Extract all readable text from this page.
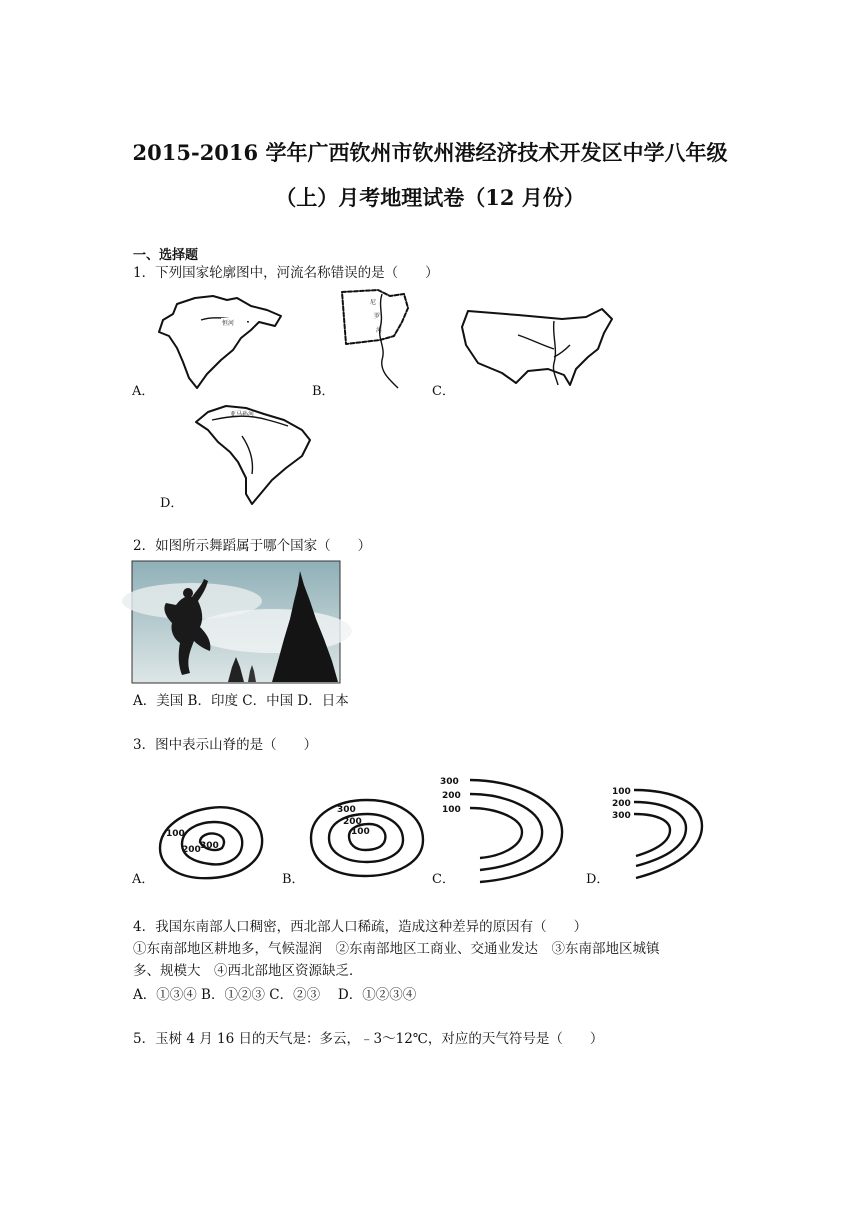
2015-2016 学年广西钦州市钦州港经济技术开发区中学八年级
（上）月考地理试卷（12 月份）
一、选择题
1．下列国家轮廓图中，河流名称错误的是（　　）
恒河
A．
尼
罗
河
B．	C．
亚马孙河
D．
2．如图所示舞蹈属于哪个国家（　　）
A．美国 B．印度 C．中国 D．日本
3．图中表示山脊的是（　　）
100
200 300
A．
300
200
100
B．
300
200
100
C．
100
200
300
D．
4．我国东南部人口稠密，西北部人口稀疏，造成这种差异的原因有（　　）
①东南部地区耕地多，气候湿润　②东南部地区工商业、交通业发达　③东南部地区城镇
多、规模大　④西北部地区资源缺乏．
A．①③④ B．①②③ C．②③　 D．①②③④
5．玉树 4 月 16 日的天气是：多云，﹣3～12℃，对应的天气符号是（　　）
